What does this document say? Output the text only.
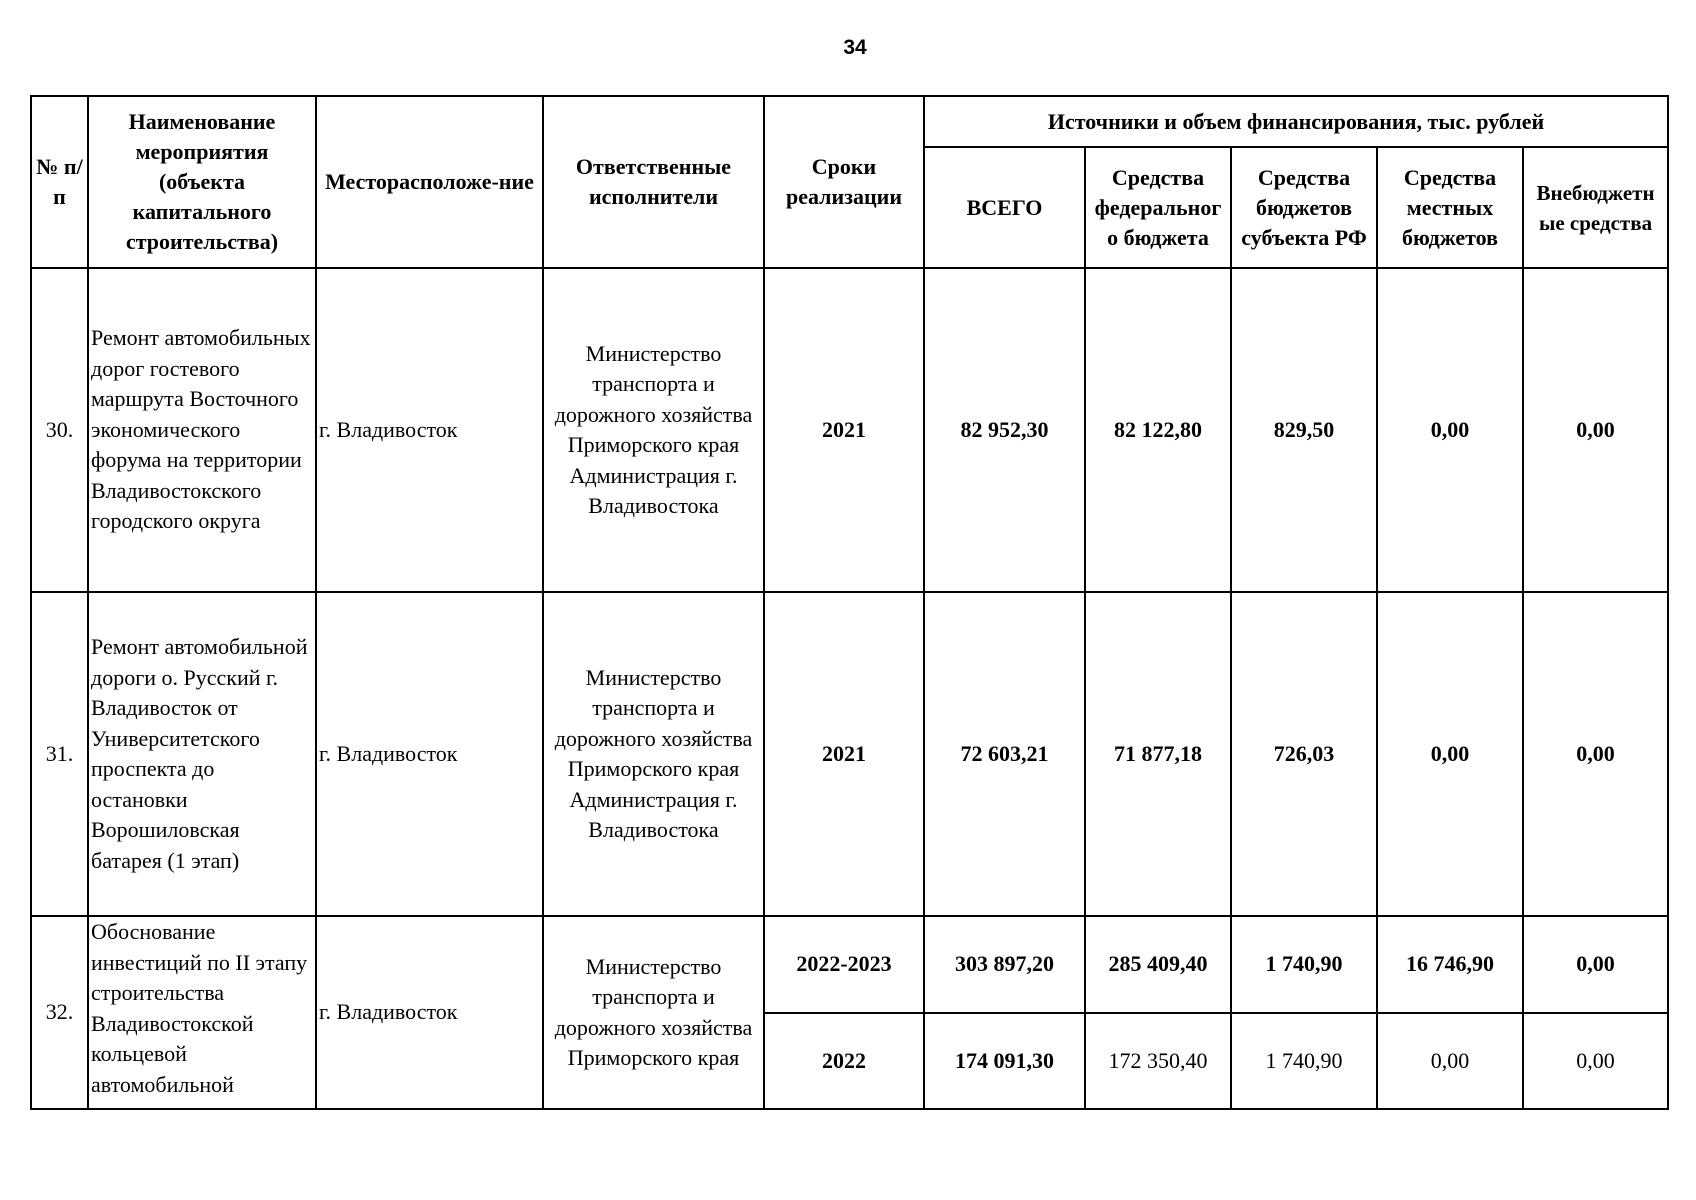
34
№ п/п	Наименование мероприятия (объекта капитального строительства)	Месторасположе-ние	Ответственные исполнители	Сроки реализации	Источники и объем финансирования, тыс. рублей				
					ВСЕГО	Средства федеральног о бюджета	Средства бюджетов субъекта РФ	Средства местных бюджетов	Внебюджетн ые средства
30.	Ремонт автомобильных дорог гостевого маршрута Восточного экономического форума на территории Владивостокского городского округа	г. Владивосток	Министерство транспорта и дорожного хозяйства Приморского края Администрация г. Владивостока	2021	82 952,30	82 122,80	829,50	0,00	0,00
31.	Ремонт автомобильной дороги о. Русский г. Владивосток от Университетского проспекта до остановки Ворошиловская батарея (1 этап)	г. Владивосток	Министерство транспорта и дорожного хозяйства Приморского края Администрация г. Владивостока	2021	72 603,21	71 877,18	726,03	0,00	0,00
32.	Обоснование инвестиций по II этапу строительства Владивостокской кольцевой автомобильной	г. Владивосток	Министерство транспорта и дорожного хозяйства Приморского края	2022-2023	303 897,20	285 409,40	1 740,90	16 746,90	0,00
				2022	174 091,30	172 350,40	1 740,90	0,00	0,00
